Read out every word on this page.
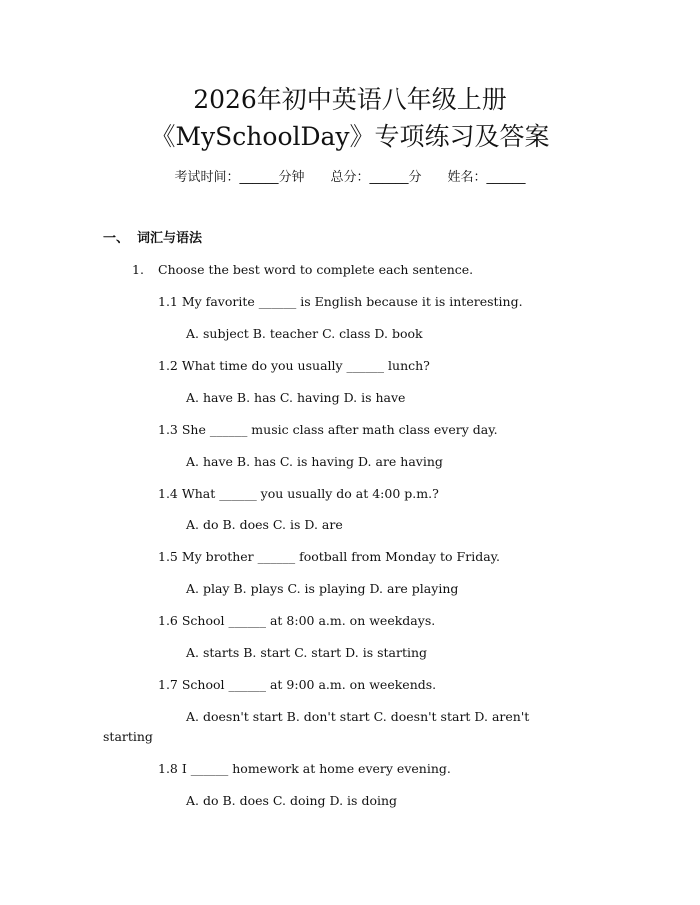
2026年初中英语八年级上册
《MySchoolDay》专项练习及答案
考试时间：______分钟 总分：______分 姓名：______
一、 词汇与语法
1. Choose the best word to complete each sentence.
1.1 My favorite ______ is English because it is interesting.
A. subject B. teacher C. class D. book
1.2 What time do you usually ______ lunch?
A. have B. has C. having D. is have
1.3 She ______ music class after math class every day.
A. have B. has C. is having D. are having
1.4 What ______ you usually do at 4:00 p.m.?
A. do B. does C. is D. are
1.5 My brother ______ football from Monday to Friday.
A. play B. plays C. is playing D. are playing
1.6 School ______ at 8:00 a.m. on weekdays.
A. starts B. start C. start D. is starting
1.7 School ______ at 9:00 a.m. on weekends.
A. doesn't start B. don't start C. doesn't start D. aren't
starting
1.8 I ______ homework at home every evening.
A. do B. does C. doing D. is doing
